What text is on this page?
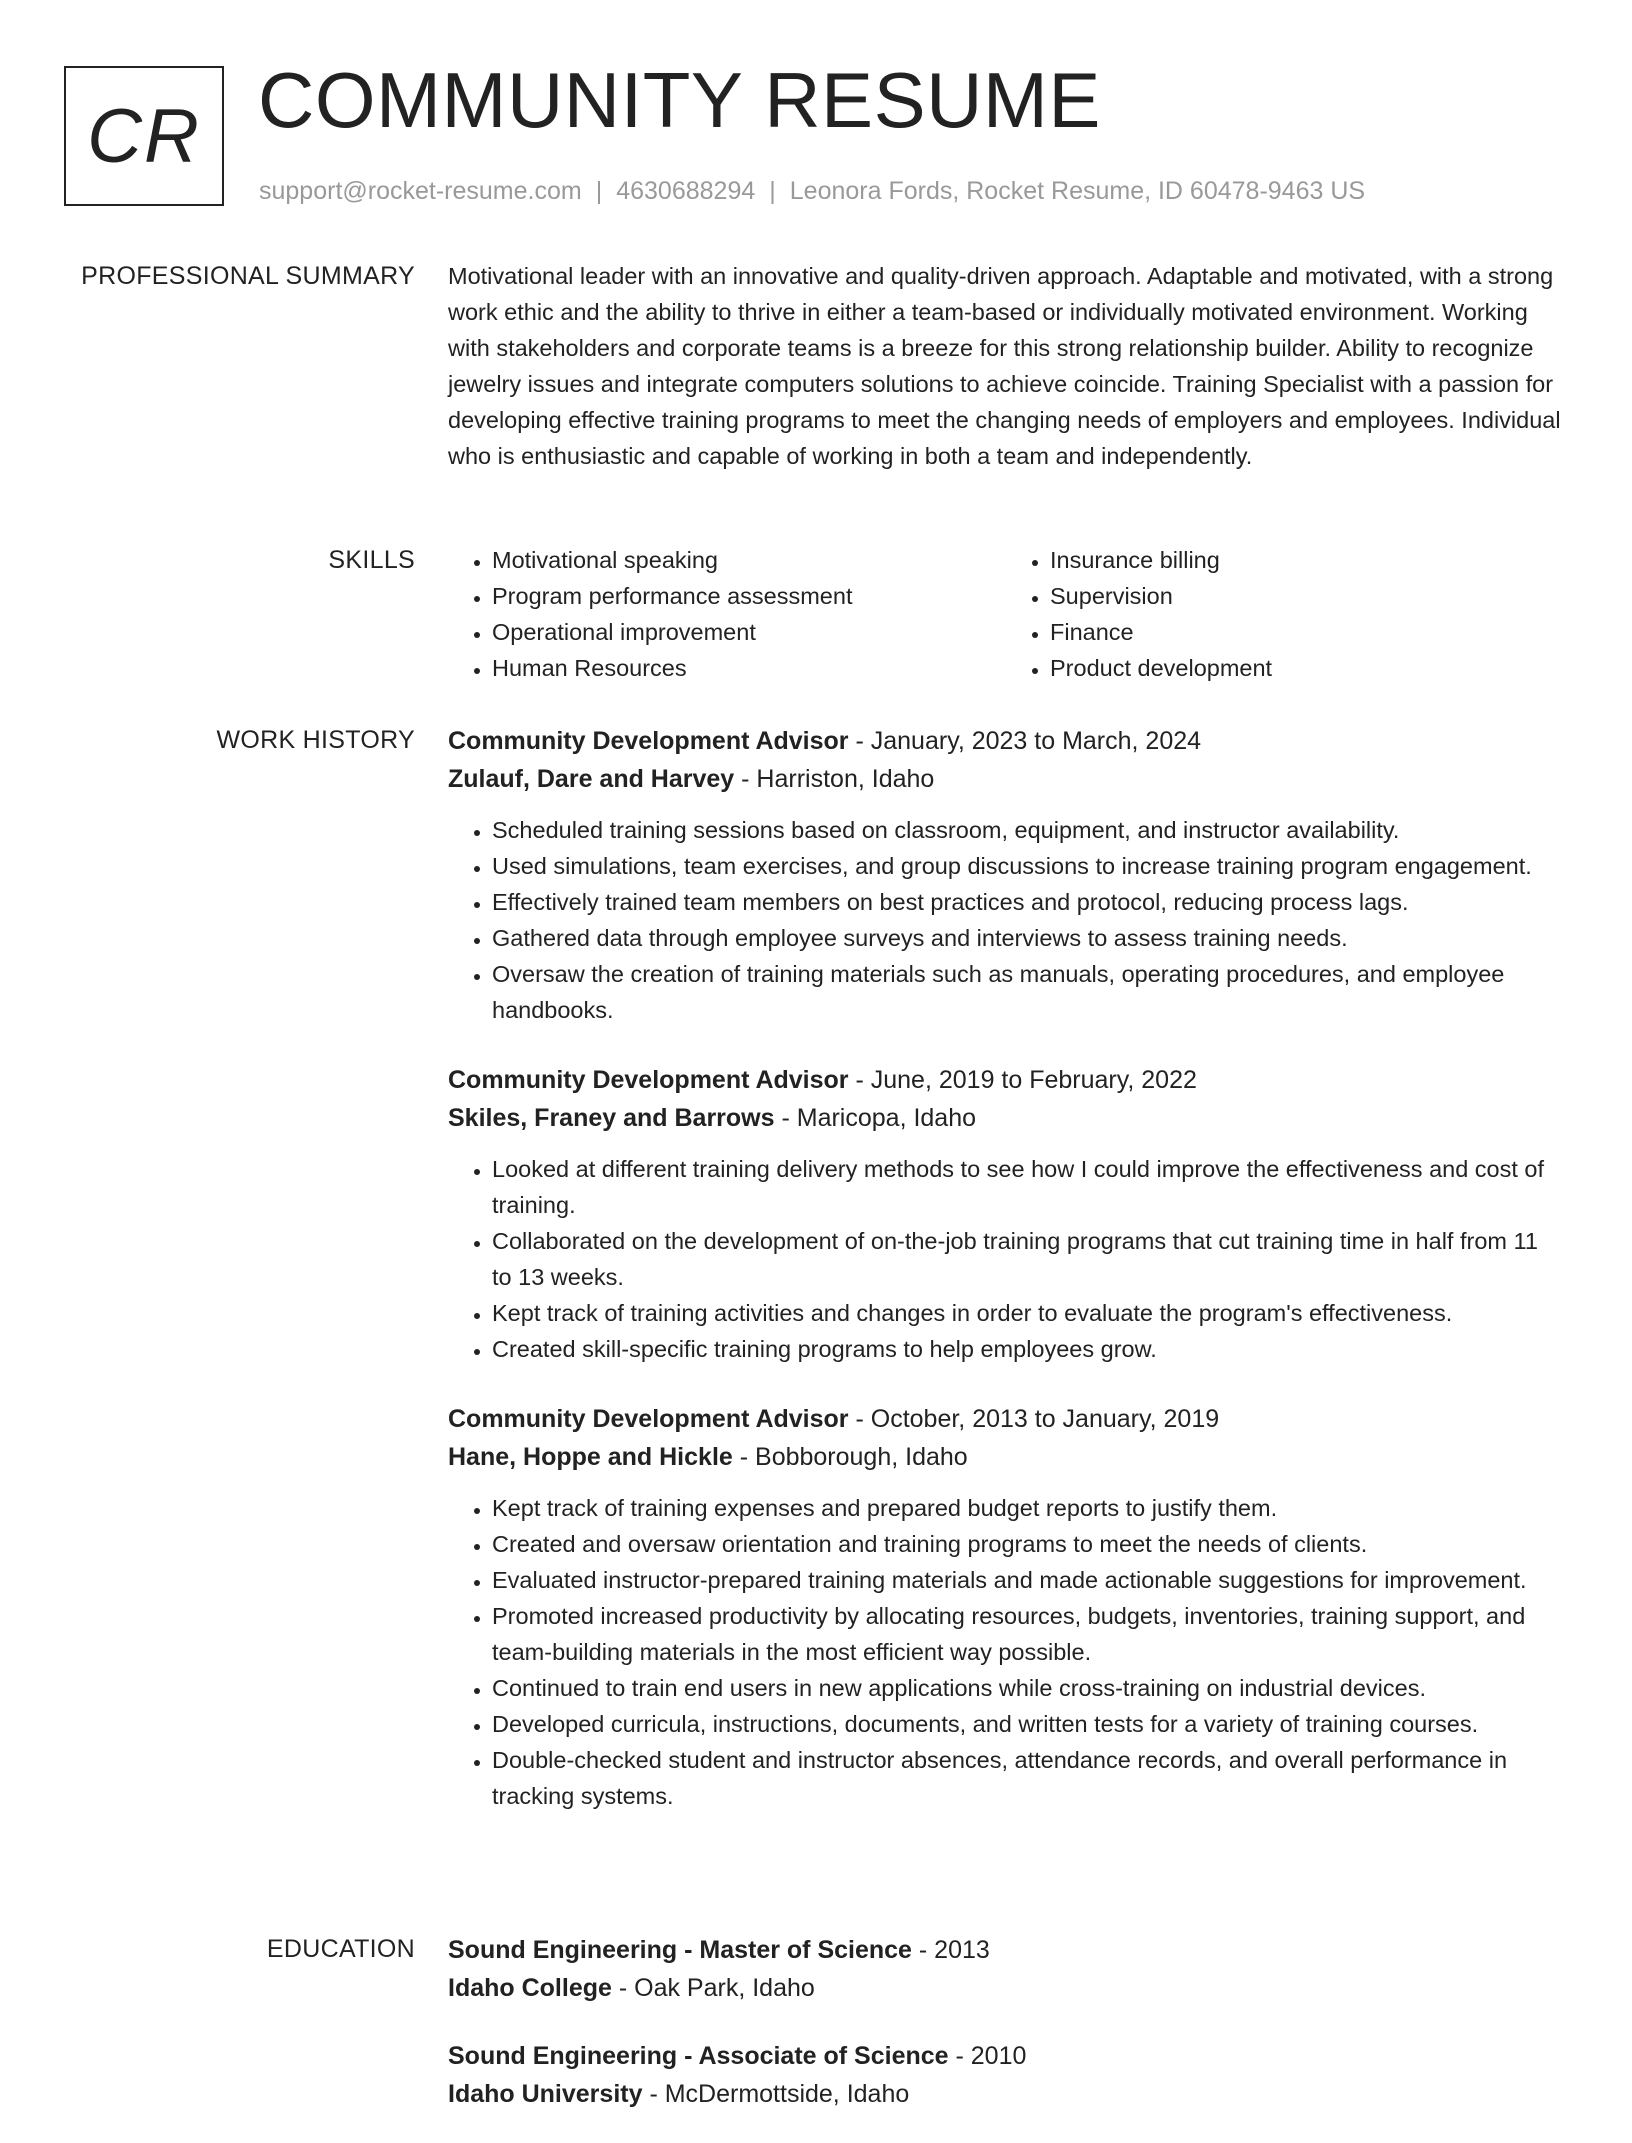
CR COMMUNITY RESUME
support@rocket-resume.com | 4630688294 | Leonora Fords, Rocket Resume, ID 60478-9463 US
PROFESSIONAL SUMMARY Motivational leader with an innovative and quality-driven approach. Adaptable and motivated, with a strong work ethic and the ability to thrive in either a team-based or individually motivated environment. Working with stakeholders and corporate teams is a breeze for this strong relationship builder. Ability to recognize jewelry issues and integrate computers solutions to achieve coincide. Training Specialist with a passion for developing effective training programs to meet the changing needs of employers and employees. Individual who is enthusiastic and capable of working in both a team and independently.

SKILLS
•	Motivational speaking
• Program performance assessment
• Operational improvement
• Human Resources
• Insurance billing
• Supervision
• Finance
• Product development
WORK HISTORY Community Development Advisor - January, 2023 to March, 2024

Zulauf, Dare and Harvey - Harriston, Idaho

• Scheduled training sessions based on classroom, equipment, and instructor availability.
• Used simulations, team exercises, and group discussions to increase training program engagement.
• Effectively trained team members on best practices and protocol, reducing process lags.
• Gathered data through employee surveys and interviews to assess training needs.
• Oversaw the creation of training materials such as manuals, operating procedures, and employee handbooks.

Community Development Advisor - June, 2019 to February, 2022

Skiles, Franey and Barrows - Maricopa, Idaho

• Looked at different training delivery methods to see how I could improve the effectiveness and cost of training.
• Collaborated on the development of on-the-job training programs that cut training time in half from 11 to 13 weeks.
• Kept track of training activities and changes in order to evaluate the program's effectiveness.
• Created skill-specific training programs to help employees grow.

Community Development Advisor - October, 2013 to January, 2019

Hane, Hoppe and Hickle - Bobborough, Idaho

• Kept track of training expenses and prepared budget reports to justify them.
• Created and oversaw orientation and training programs to meet the needs of clients.
• Evaluated instructor-prepared training materials and made actionable suggestions for improvement.
• Promoted increased productivity by allocating resources, budgets, inventories, training support, and team-building materials in the most efficient way possible.
• Continued to train end users in new applications while cross-training on industrial devices.
• Developed curricula, instructions, documents, and written tests for a variety of training courses.
• Double-checked student and instructor absences, attendance records, and overall performance in tracking systems.
EDUCATION Sound Engineering - Master of Science - 2013

Idaho College - Oak Park, Idaho

Sound Engineering - Associate of Science - 2010

Idaho University - McDermottside, Idaho
